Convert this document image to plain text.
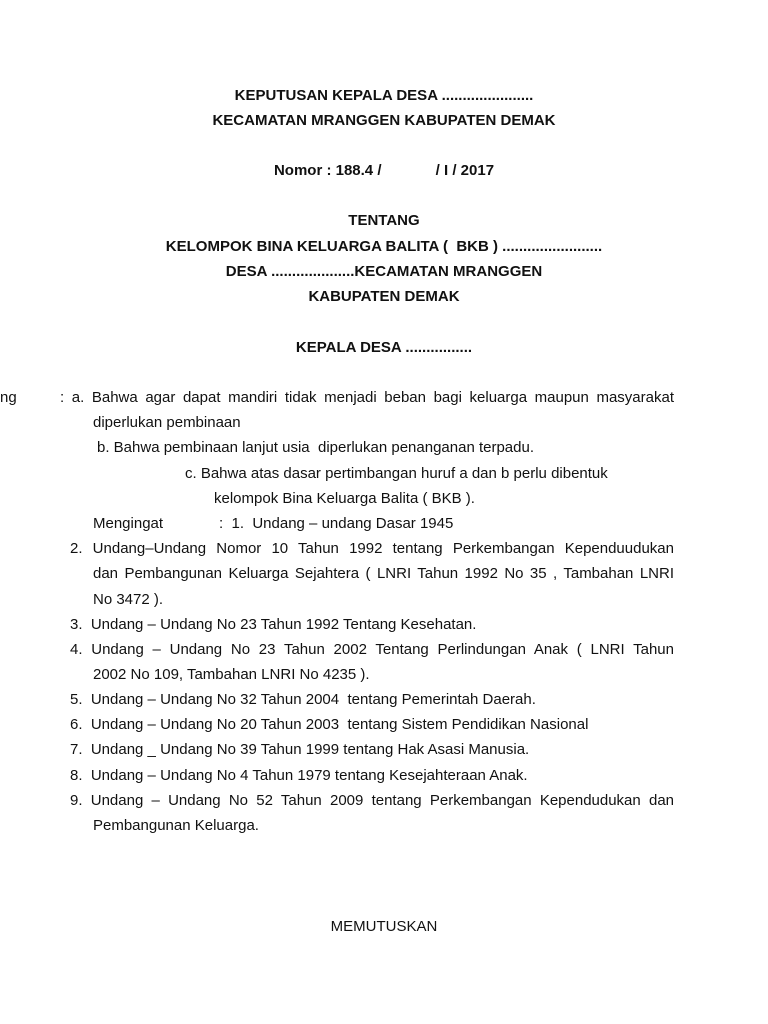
KEPUTUSAN KEPALA DESA ......................
KECAMATAN MRANGGEN KABUPATEN DEMAK
Nomor : 188.4 /             / I / 2017
TENTANG
KELOMPOK BINA KELUARGA BALITA (  BKB ) ........................
DESA ....................KECAMATAN MRANGGEN
KABUPATEN DEMAK
KEPALA DESA ................
ng	: a. Bahwa agar dapat mandiri tidak menjadi beban bagi keluarga maupun masyarakat
diperlukan pembinaan
b. Bahwa pembinaan lanjut usia  diperlukan penanganan terpadu.
c. Bahwa atas dasar pertimbangan huruf a dan b perlu dibentuk
kelompok Bina Keluarga Balita ( BKB ).
Mengingat	:  1.  Undang – undang Dasar 1945
2. Undang–Undang Nomor 10 Tahun 1992 tentang Perkembangan Kependuudukan
dan Pembangunan Keluarga Sejahtera ( LNRI Tahun 1992 No 35 , Tambahan LNRI
No 3472 ).
3.  Undang – Undang No 23 Tahun 1992 Tentang Kesehatan.
4. Undang – Undang No 23 Tahun 2002 Tentang Perlindungan Anak ( LNRI Tahun
2002 No 109, Tambahan LNRI No 4235 ).
5.  Undang – Undang No 32 Tahun 2004  tentang Pemerintah Daerah.
6.  Undang – Undang No 20 Tahun 2003  tentang Sistem Pendidikan Nasional
7.  Undang _ Undang No 39 Tahun 1999 tentang Hak Asasi Manusia.
8.  Undang – Undang No 4 Tahun 1979 tentang Kesejahteraan Anak.
9. Undang – Undang No 52 Tahun 2009 tentang Perkembangan Kependudukan dan
Pembangunan Keluarga.
MEMUTUSKAN
